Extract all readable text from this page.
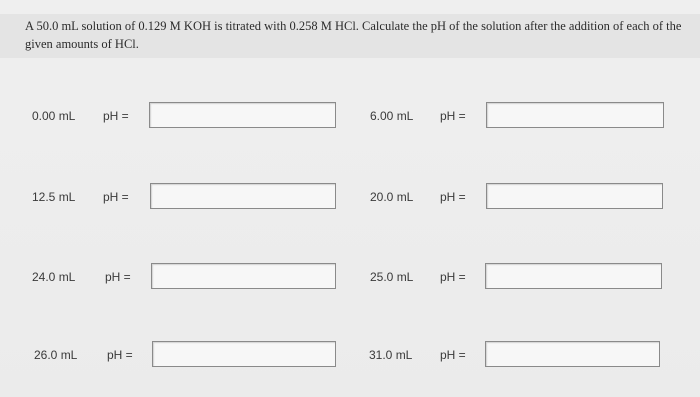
A 50.0 mL solution of 0.129 M KOH is titrated with 0.258 M HCl. Calculate the pH of the solution after the addition of each of the given amounts of HCl.
0.00 mL pH =	6.00 mL pH =
12.5 mL pH =	20.0 mL pH =
24.0 mL pH =	25.0 mL pH =
26.0 mL pH =	31.0 mL pH =
